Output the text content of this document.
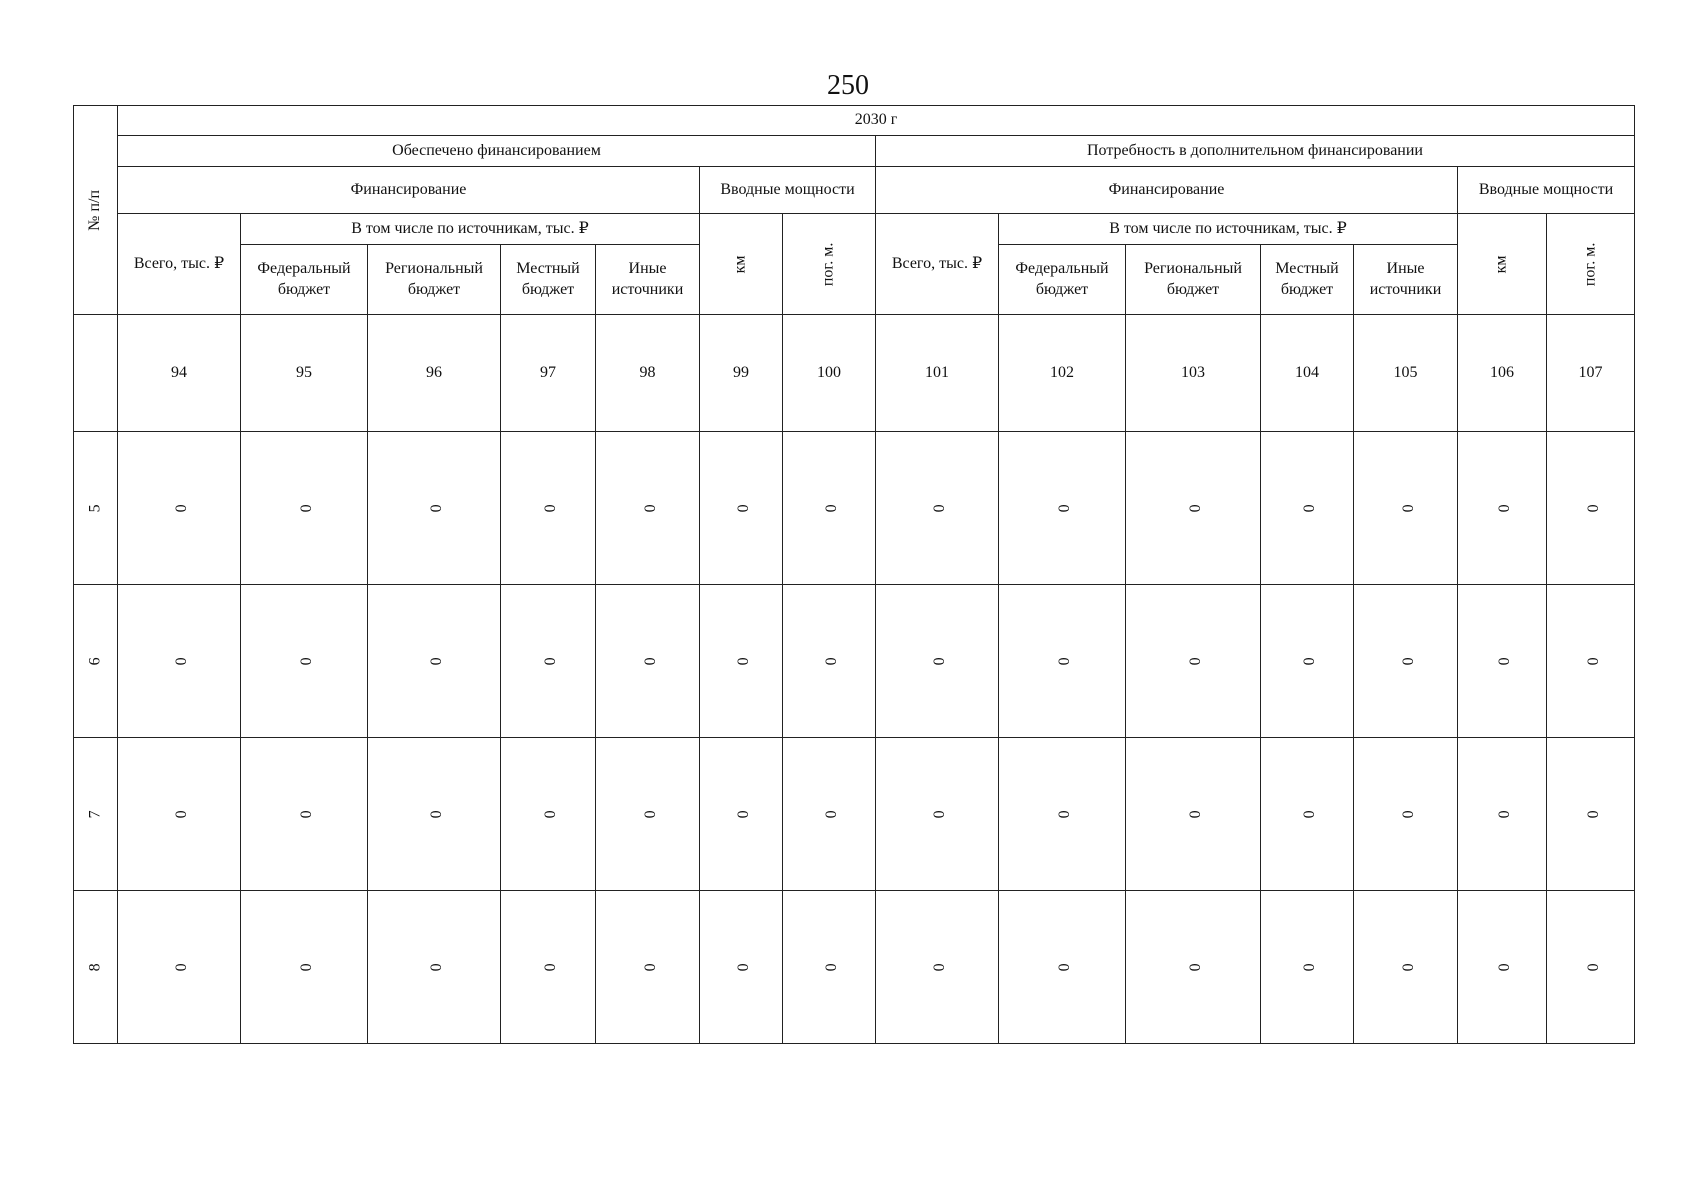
250
№ п/п	2030 г													
	Обеспечено финансированием							Потребность в дополнительном финансировании						
	Финансирование					Вводные мощности		Финансирование					Вводные мощности	
	Всего, тыс. ₽	В том числе по источникам, тыс. ₽				км	пог. м.	Всего, тыс. ₽	В том числе по источникам, тыс. ₽				км	пог. м.
		Федеральный бюджет	Региональный бюджет	Местный бюджет	Иные источники				Федеральный бюджет	Региональный бюджет	Местный бюджет	Иные источники		
	94	95	96	97	98	99	100	101	102	103	104	105	106	107
5	0	0	0	0	0	0	0	0	0	0	0	0	0	0
6	0	0	0	0	0	0	0	0	0	0	0	0	0	0
7	0	0	0	0	0	0	0	0	0	0	0	0	0	0
8	0	0	0	0	0	0	0	0	0	0	0	0	0	0
